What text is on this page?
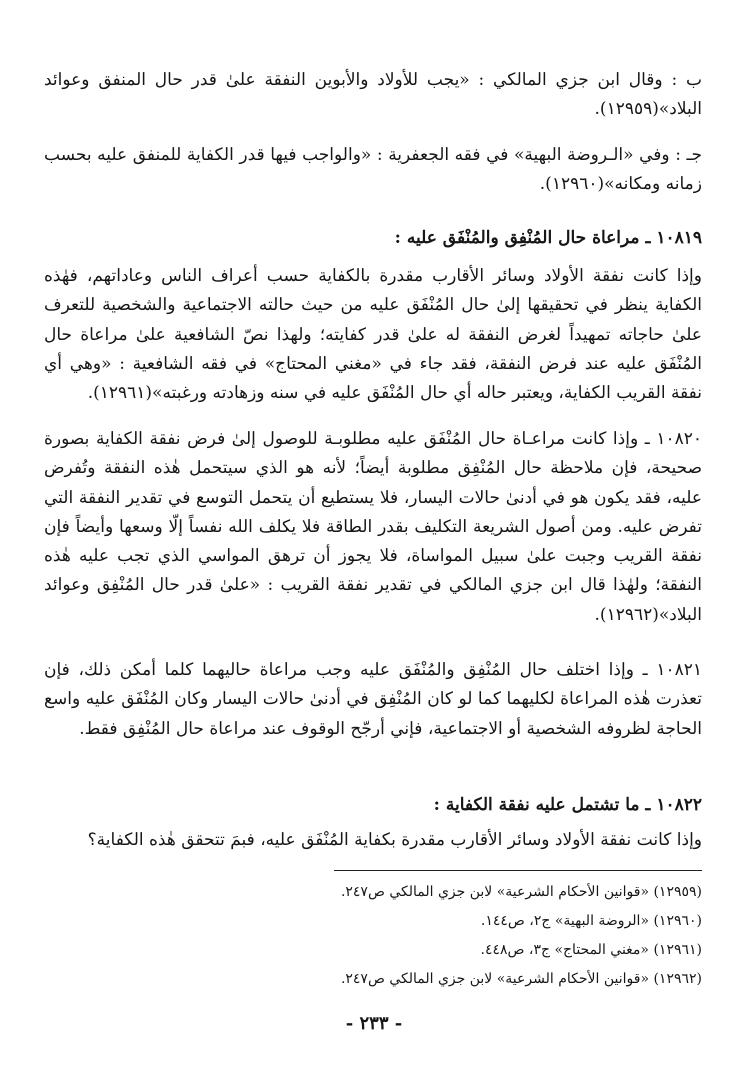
ب : وقال ابن جزي المالكي : «يجب للأولاد والأبوين النفقة علىٰ قدر حال المنفق وعوائد البلاد»(١٢٩٥٩).

جـ : وفي «الـروضة البهية» في فقه الجعفرية : «والواجب فيها قدر الكفاية للمنفق عليه بحسب زمانه ومكانه»(١٢٩٦٠).

١٠٨١٩ ـ مراعاة حال المُنْفِق والمُنْفَق عليه :

وإذا كانت نفقة الأولاد وسائر الأقارب مقدرة بالكفاية حسب أعراف الناس وعاداتهم، فهٰذه الكفاية ينظر في تحقيقها إلىٰ حال المُنْفَق عليه من حيث حالته الاجتماعية والشخصية للتعرف علىٰ حاجاته تمهيداً لغرض النفقة له علىٰ قدر كفايته؛ ولهذا نصّ الشافعية علىٰ مراعاة حال المُنْفَق عليه عند فرض النفقة، فقد جاء في «مغني المحتاج» في فقه الشافعية : «وهي أي نفقة القريب الكفاية، ويعتبر حاله أي حال المُنْفَق عليه في سنه وزهادته ورغبته»(١٢٩٦١).

١٠٨٢٠ ـ وإذا كانت مراعـاة حال المُنْفَق عليه مطلوبـة للوصول إلىٰ فرض نفقة الكفاية بصورة صحيحة، فإن ملاحظة حال المُنْفِق مطلوبة أيضاً؛ لأنه هو الذي سيتحمل هٰذه النفقة وتُفرض عليه، فقد يكون هو في أدنىٰ حالات اليسار، فلا يستطيع أن يتحمل التوسع في تقدير النفقة التي تفرض عليه. ومن أصول الشريعة التكليف بقدر الطاقة فلا يكلف الله نفساً إلّا وسعها وأيضاً فإن نفقة القريب وجبت علىٰ سبيل المواساة، فلا يجوز أن ترهق المواسي الذي تجب عليه هٰذه النفقة؛ ولهٰذا قال ابن جزي المالكي في تقدير نفقة القريب : «علىٰ قدر حال المُنْفِق وعوائد البلاد»(١٢٩٦٢).

١٠٨٢١ ـ وإذا اختلف حال المُنْفِق والمُنْفَق عليه وجب مراعاة حاليهما كلما أمكن ذلك، فإن تعذرت هٰذه المراعاة لكليهما كما لو كان المُنْفِق في أدنىٰ حالات اليسار وكان المُنْفَق عليه واسع الحاجة لظروفه الشخصية أو الاجتماعية، فإني أرجّح الوقوف عند مراعاة حال المُنْفِق فقط.

١٠٨٢٢ ـ ما تشتمل عليه نفقة الكفاية :

وإذا كانت نفقة الأولاد وسائر الأقارب مقدرة بكفاية المُنْفَق عليه، فبمَ تتحقق هٰذه الكفاية؟

(١٢٩٥٩) «قوانين الأحكام الشرعية» لابن جزي المالكي ص٢٤٧.
(١٢٩٦٠) «الروضة البهية» ج٢، ص١٤٤.
(١٢٩٦١) «مغني المحتاج» ج٣، ص٤٤٨.
(١٢٩٦٢) «قوانين الأحكام الشرعية» لابن جزي المالكي ص٢٤٧.
- ٢٣٣ -
